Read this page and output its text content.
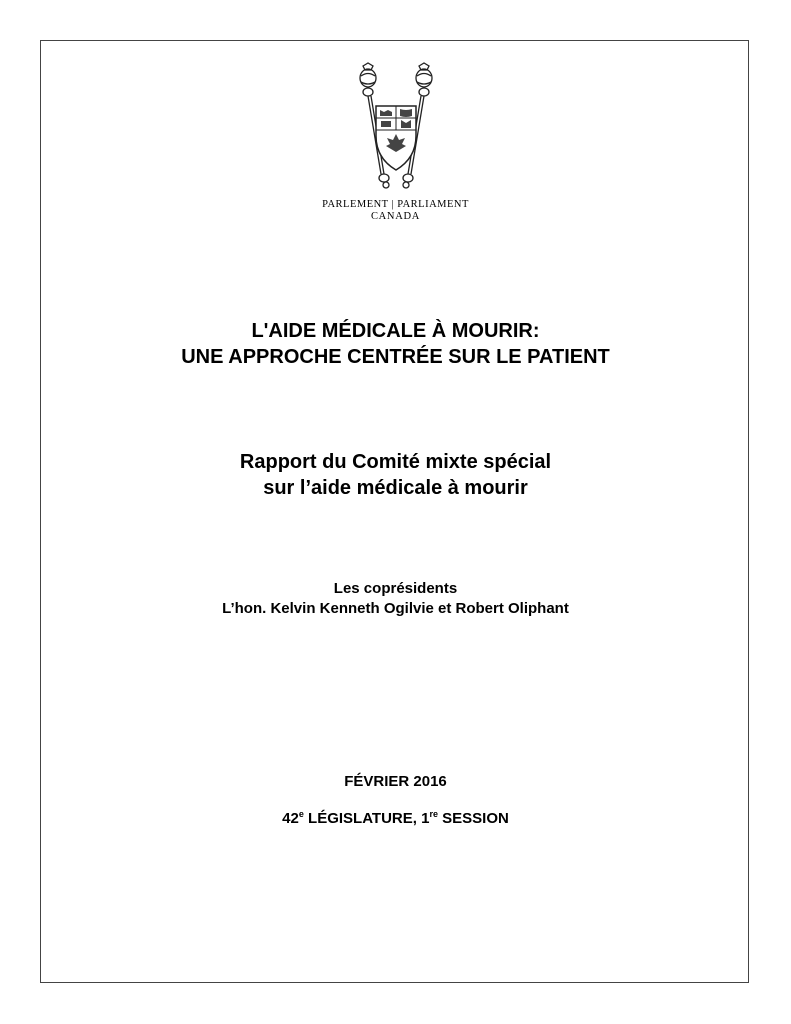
PARLEMENT | PARLIAMENT
CANADA
L'AIDE MÉDICALE À MOURIR:
UNE APPROCHE CENTRÉE SUR LE PATIENT
Rapport du Comité mixte spécial
sur l’aide médicale à mourir
Les coprésidents
L’hon. Kelvin Kenneth Ogilvie et Robert Oliphant
FÉVRIER 2016
42e LÉGISLATURE, 1re SESSION
